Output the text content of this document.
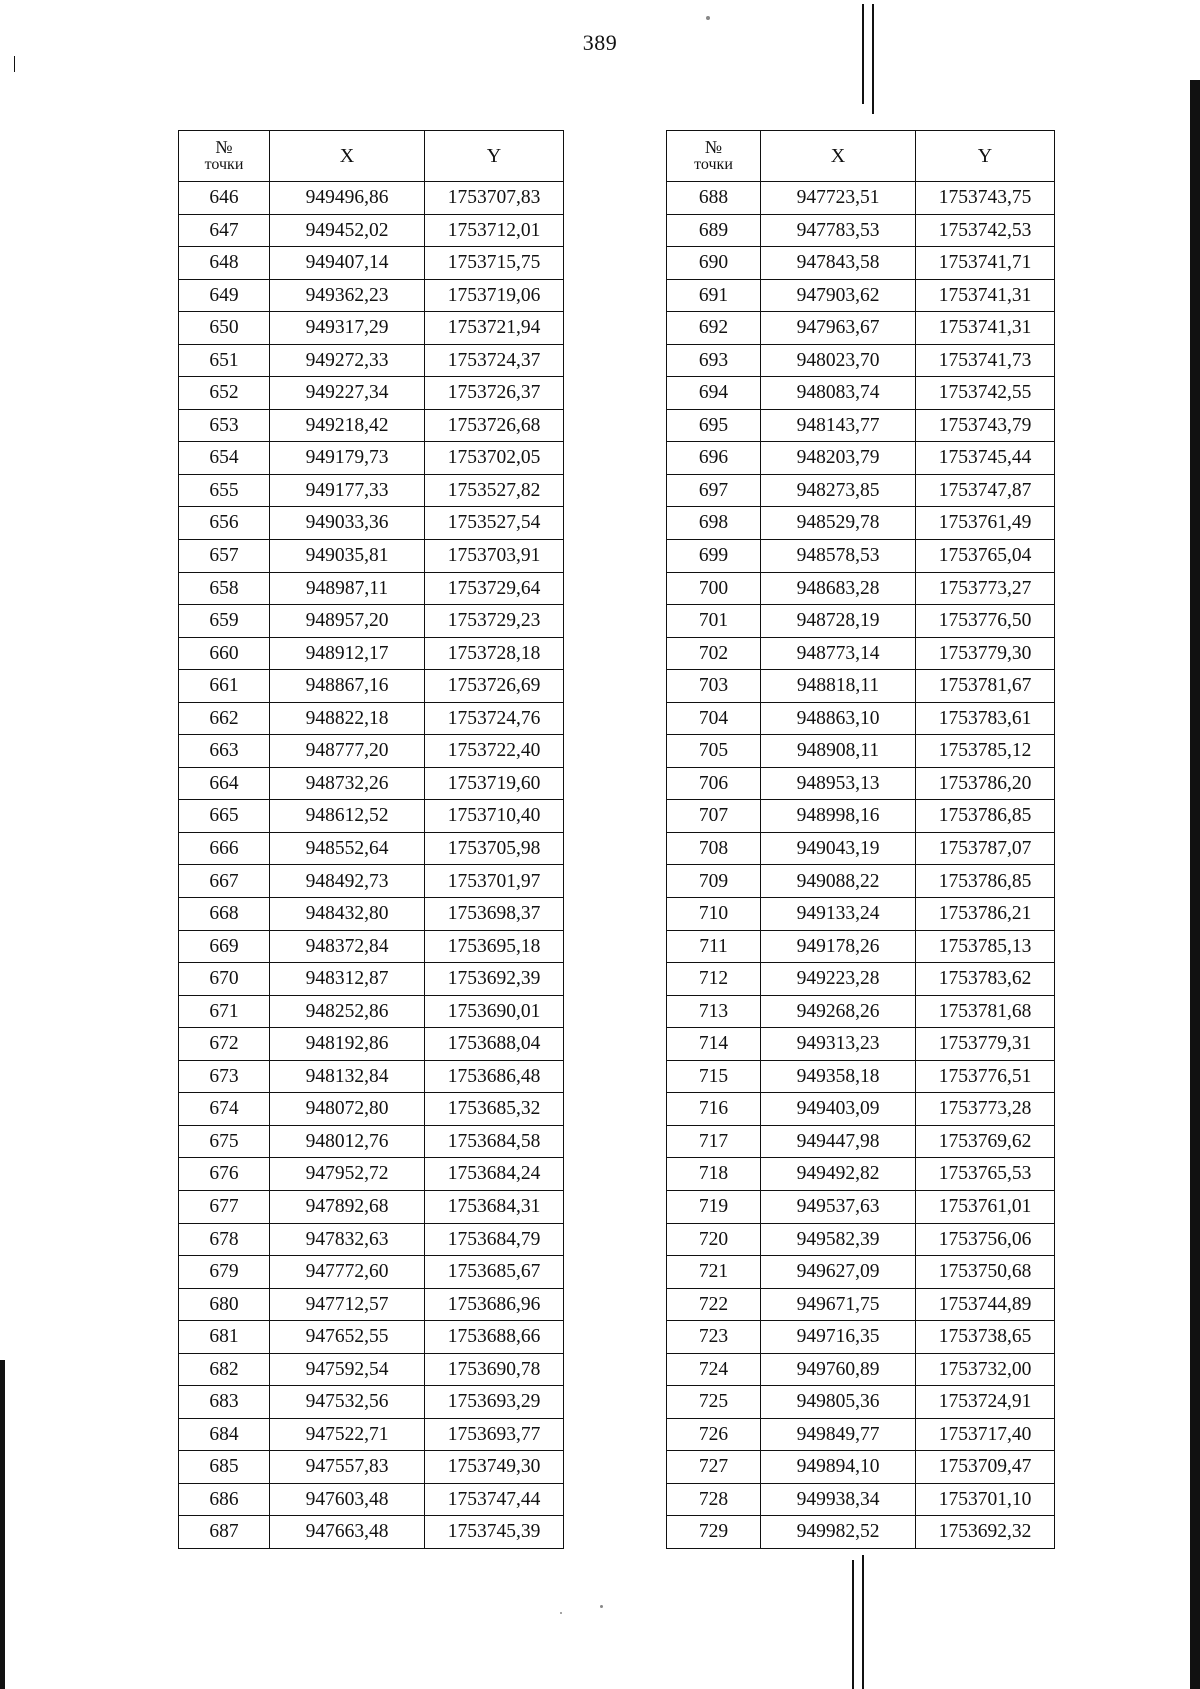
389
№
точки	X	Y
646	949496,86	1753707,83
647	949452,02	1753712,01
648	949407,14	1753715,75
649	949362,23	1753719,06
650	949317,29	1753721,94
651	949272,33	1753724,37
652	949227,34	1753726,37
653	949218,42	1753726,68
654	949179,73	1753702,05
655	949177,33	1753527,82
656	949033,36	1753527,54
657	949035,81	1753703,91
658	948987,11	1753729,64
659	948957,20	1753729,23
660	948912,17	1753728,18
661	948867,16	1753726,69
662	948822,18	1753724,76
663	948777,20	1753722,40
664	948732,26	1753719,60
665	948612,52	1753710,40
666	948552,64	1753705,98
667	948492,73	1753701,97
668	948432,80	1753698,37
669	948372,84	1753695,18
670	948312,87	1753692,39
671	948252,86	1753690,01
672	948192,86	1753688,04
673	948132,84	1753686,48
674	948072,80	1753685,32
675	948012,76	1753684,58
676	947952,72	1753684,24
677	947892,68	1753684,31
678	947832,63	1753684,79
679	947772,60	1753685,67
680	947712,57	1753686,96
681	947652,55	1753688,66
682	947592,54	1753690,78
683	947532,56	1753693,29
684	947522,71	1753693,77
685	947557,83	1753749,30
686	947603,48	1753747,44
687	947663,48	1753745,39
№
точки	X	Y
688	947723,51	1753743,75
689	947783,53	1753742,53
690	947843,58	1753741,71
691	947903,62	1753741,31
692	947963,67	1753741,31
693	948023,70	1753741,73
694	948083,74	1753742,55
695	948143,77	1753743,79
696	948203,79	1753745,44
697	948273,85	1753747,87
698	948529,78	1753761,49
699	948578,53	1753765,04
700	948683,28	1753773,27
701	948728,19	1753776,50
702	948773,14	1753779,30
703	948818,11	1753781,67
704	948863,10	1753783,61
705	948908,11	1753785,12
706	948953,13	1753786,20
707	948998,16	1753786,85
708	949043,19	1753787,07
709	949088,22	1753786,85
710	949133,24	1753786,21
711	949178,26	1753785,13
712	949223,28	1753783,62
713	949268,26	1753781,68
714	949313,23	1753779,31
715	949358,18	1753776,51
716	949403,09	1753773,28
717	949447,98	1753769,62
718	949492,82	1753765,53
719	949537,63	1753761,01
720	949582,39	1753756,06
721	949627,09	1753750,68
722	949671,75	1753744,89
723	949716,35	1753738,65
724	949760,89	1753732,00
725	949805,36	1753724,91
726	949849,77	1753717,40
727	949894,10	1753709,47
728	949938,34	1753701,10
729	949982,52	1753692,32
